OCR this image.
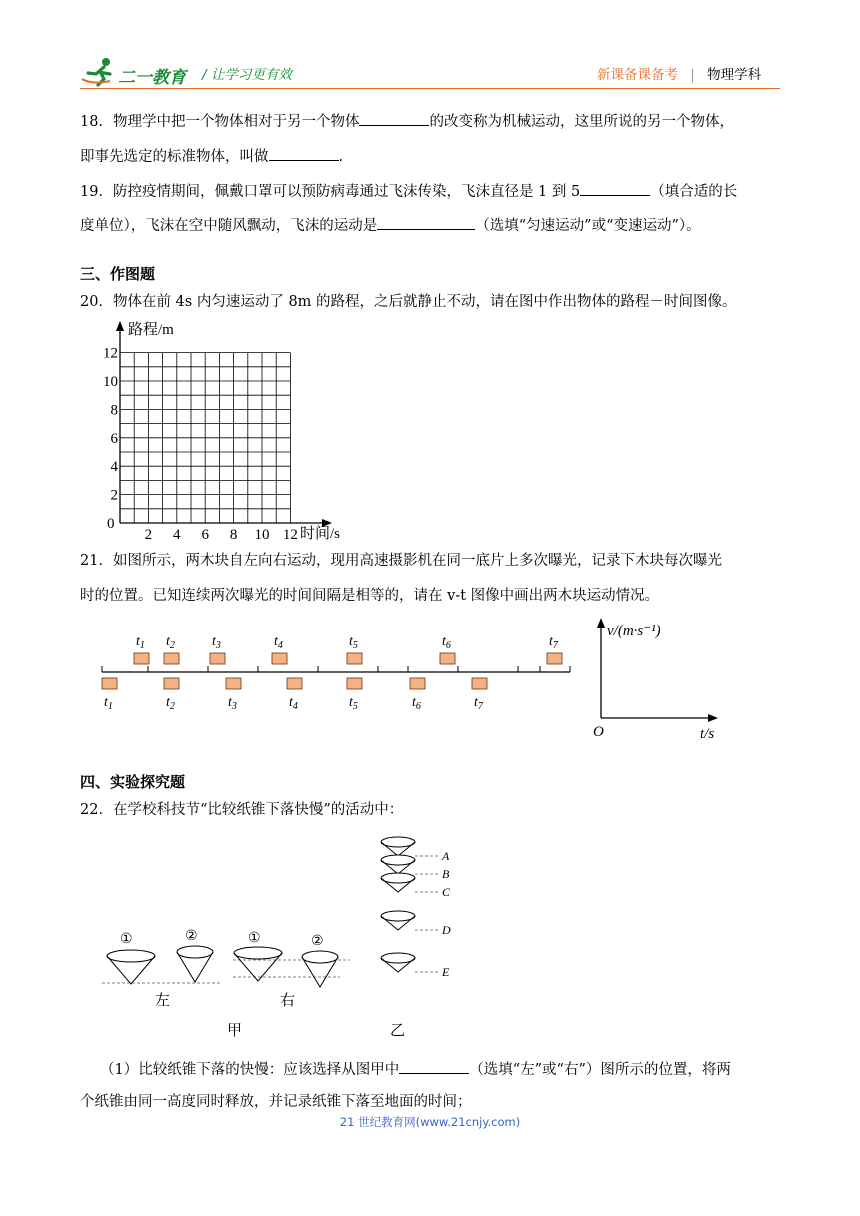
二一教育 / 让学习更有效	新课备课备考 | 物理学科
18．物理学中把一个物体相对于另一个物体	的改变称为机械运动，这里所说的另一个物体，
即事先选定的标准物体，叫做	.
19．防控疫情期间，佩戴口罩可以预防病毒通过飞沫传染，飞沫直径是 1 到 5	（填合适的长
度单位），飞沫在空中随风飘动，飞沫的运动是	（选填“匀速运动”或“变速运动”）。
三、作图题
20．物体在前 4s 内匀速运动了 8m 的路程，之后就静止不动，请在图中作出物体的路程－时间图像。
路程/m
时间/s
0
2
4
6
8
10
12
2 4 6 8 10 12
21．如图所示，两木块自左向右运动，现用高速摄影机在同一底片上多次曝光，记录下木块每次曝光
时的位置。已知连续两次曝光的时间间隔是相等的，请在 v-t 图像中画出两木块运动情况。
$t_1$ $t_2$	$t_3$	$t_4$	$t_5$	$t_6$	$t_7$
$t_1$	$t_2$	$t_3$	$t_4$	$t_5$	$t_6$	$t_7$
v/(m·s⁻¹)
t/s
O
四、实验探究题
22．在学校科技节“比较纸锥下落快慢”的活动中：
①	②
左
①	②
右
A
B
C
D
E
甲	乙
（1）比较纸锥下落的快慢：应该选择从图甲中	（选填“左”或“右”）图所示的位置，将两
个纸锥由同一高度同时释放，并记录纸锥下落至地面的时间；
21 世纪教育网(www.21cnjy.com)
